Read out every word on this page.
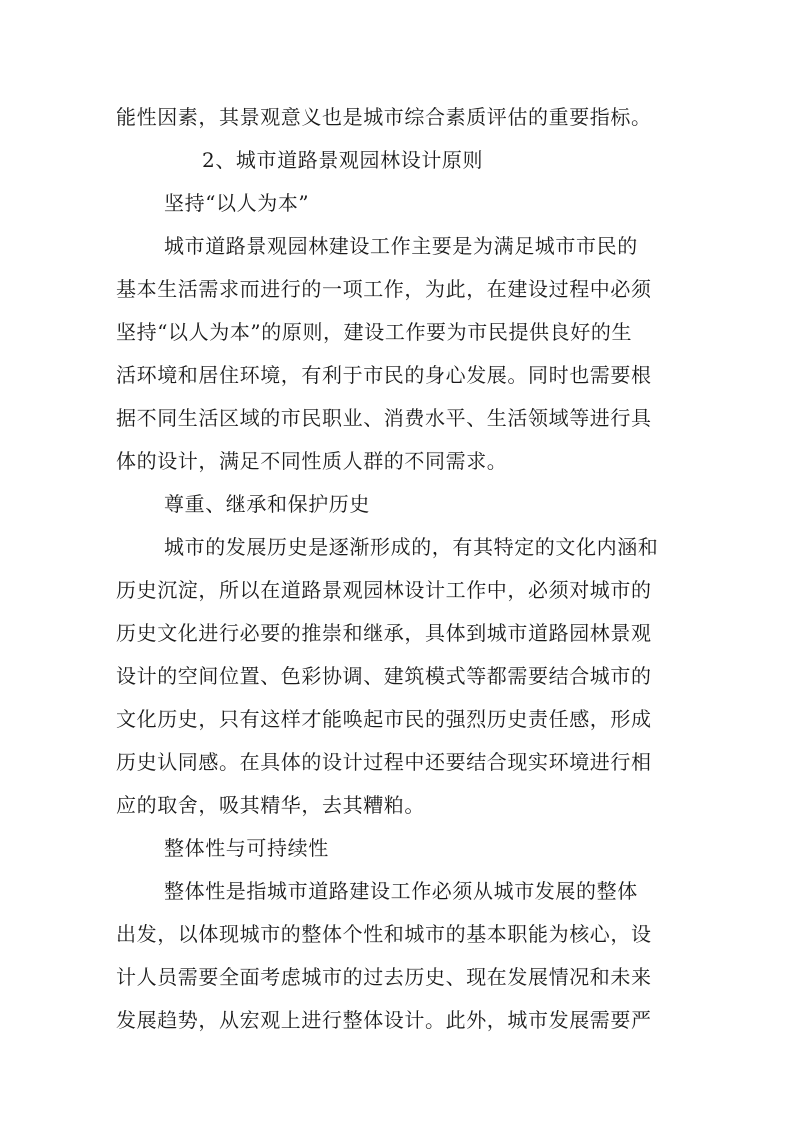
能性因素，其景观意义也是城市综合素质评估的重要指标。
2、城市道路景观园林设计原则
坚持“以人为本”
城市道路景观园林建设工作主要是为满足城市市民的
基本生活需求而进行的一项工作，为此，在建设过程中必须
坚持“以人为本”的原则，建设工作要为市民提供良好的生
活环境和居住环境，有利于市民的身心发展。同时也需要根
据不同生活区域的市民职业、消费水平、生活领域等进行具
体的设计，满足不同性质人群的不同需求。
尊重、继承和保护历史
城市的发展历史是逐渐形成的，有其特定的文化内涵和
历史沉淀，所以在道路景观园林设计工作中，必须对城市的
历史文化进行必要的推崇和继承，具体到城市道路园林景观
设计的空间位置、色彩协调、建筑模式等都需要结合城市的
文化历史，只有这样才能唤起市民的强烈历史责任感，形成
历史认同感。在具体的设计过程中还要结合现实环境进行相
应的取舍，吸其精华，去其糟粕。
整体性与可持续性
整体性是指城市道路建设工作必须从城市发展的整体
出发，以体现城市的整体个性和城市的基本职能为核心，设
计人员需要全面考虑城市的过去历史、现在发展情况和未来
发展趋势，从宏观上进行整体设计。此外，城市发展需要严
